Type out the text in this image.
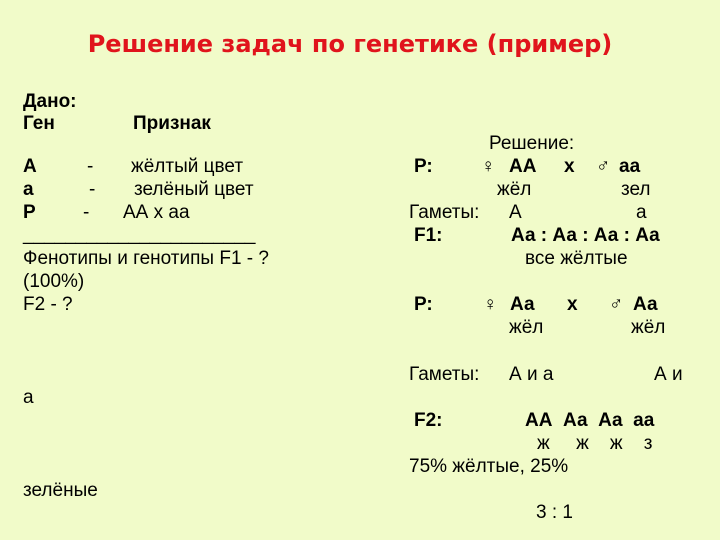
Решение задач по генетике (пример)
Дано:
Ген	Признак
А	- жёлтый цвет
а	- зелёный цвет
Р - АА х аа
______________________
Фенотипы и генотипы F1 - ?
(100%)
F2 - ?
а
зелёные
Решение:
Р:	♀ АА х ♂ аа
жёл	зел
Гаметы: А	а
F1:	Аа : Аа : Аа : Аа
все жёлтые
Р:	♀ Аа х ♂ Аа
жёл	жёл
Гаметы: А и а	А и
F2:	АА  Аа  Аа  аа
ж     ж    ж    з
75% жёлтые, 25%
3 : 1
